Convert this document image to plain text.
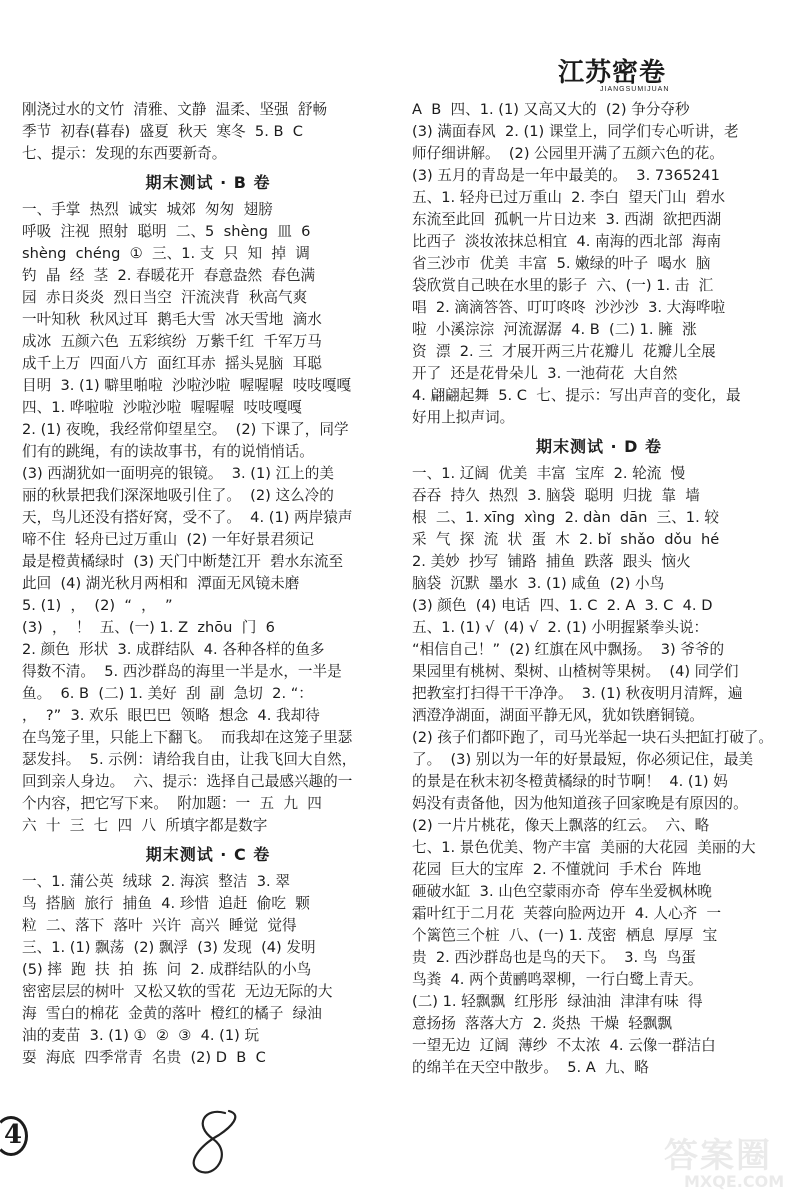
江苏密卷
JIANGSUMIJUAN

刚浇过水的文竹  清雅、文静  温柔、坚强  舒畅

季节  初春(暮春)  盛夏  秋天  寒冬  5. B  C

七、提示：发现的东西要新奇。

期末测试 · B 卷

一、手掌  热烈  诚实  城郊  匆匆  翅膀

呼吸  注视  照射  聪明  二、5  shèng  皿  6

shèng  chéng  ①  三、1. 支  只  知  掉  调

钓  晶  经  茎  2. 春暖花开  春意盎然  春色满

园  赤日炎炎  烈日当空  汗流浃背  秋高气爽

一叶知秋  秋风过耳  鹅毛大雪  冰天雪地  滴水

成冰  五颜六色  五彩缤纷  万紫千红  千军万马

成千上万  四面八方  面红耳赤  摇头晃脑  耳聪

目明  3. (1) 噼里啪啦  沙啦沙啦  喔喔喔  吱吱嘎嘎

四、1. 哗啦啦  沙啦沙啦  喔喔喔  吱吱嘎嘎

2. (1) 夜晚，我经常仰望星空。  (2) 下课了，同学

们有的跳绳，有的读故事书，有的说悄悄话。

(3) 西湖犹如一面明亮的银镜。  3. (1) 江上的美

丽的秋景把我们深深地吸引住了。  (2) 这么冷的

天，鸟儿还没有搭好窝，受不了。  4. (1) 两岸猿声

啼不住  轻舟已过万重山  (2) 一年好景君须记

最是橙黄橘绿时  (3) 天门中断楚江开  碧水东流至

此回  (4) 湖光秋月两相和  潭面无风镜未磨

5. (1)  ，  (2)  “  ，  ”

(3)  ，  ！  五、(一) 1. Z  zhōu  门  6

2. 颜色  形状  3. 成群结队  4. 各种各样的鱼多

得数不清。  5. 西沙群岛的海里一半是水，一半是

鱼。  6. B  (二) 1. 美好  刮  副  急切  2. “：

，  ?”  3. 欢乐  眼巴巴  领略  想念  4. 我却待

在鸟笼子里，只能上下翻飞。  而我却在这笼子里瑟

瑟发抖。  5. 示例：请给我自由，让我飞回大自然，

回到亲人身边。  六、提示：选择自己最感兴趣的一

个内容，把它写下来。  附加题：一  五  九  四

六  十  三  七  四  八  所填字都是数字

期末测试 · C 卷

一、1. 蒲公英  绒球  2. 海滨  整洁  3. 翠

鸟  搭脑  旅行  捕鱼  4. 珍惜  追赶  偷吃  颗

粒  二、落下  落叶  兴许  高兴  睡觉  觉得

三、1. (1) 飘荡  (2) 飘浮  (3) 发现  (4) 发明

(5) 摔  跑  扶  拍  拣  问  2. 成群结队的小鸟

密密层层的树叶  又松又软的雪花  无边无际的大

海  雪白的棉花  金黄的落叶  橙红的橘子  绿油

油的麦苗  3. (1) ①  ②  ③  4. (1) 玩

耍  海底  四季常青  名贵  (2) D  B  C

A  B  四、1. (1) 又高又大的  (2) 争分夺秒

(3) 满面春风  2. (1) 课堂上，同学们专心听讲，老

师仔细讲解。  (2) 公园里开满了五颜六色的花。

(3) 五月的青岛是一年中最美的。  3. 7365241

五、1. 轻舟已过万重山  2. 李白  望天门山  碧水

东流至此回  孤帆一片日边来  3. 西湖  欲把西湖

比西子  淡妆浓抹总相宜  4. 南海的西北部  海南

省三沙市  优美  丰富  5. 嫩绿的叶子  喝水  脑

袋欣赏自己映在水里的影子  六、(一) 1. 击  汇

唱  2. 滴滴答答、叮叮咚咚  沙沙沙  3. 大海哗啦

啦  小溪淙淙  河流潺潺  4. B  (二) 1. 臃  涨

资  漂  2. 三  才展开两三片花瓣儿  花瓣儿全展

开了  还是花骨朵儿  3. 一池荷花  大自然

4. 翩翩起舞  5. C  七、提示：写出声音的变化，最

好用上拟声词。

期末测试 · D 卷

一、1. 辽阔  优美  丰富  宝库  2. 轮流  慢

吞吞  持久  热烈  3. 脑袋  聪明  归拢  靠  墙

根  二、1. xīng  xìng  2. dàn  dān  三、1. 较

采  气  探  流  状  蛋  木  2. bǐ  shǎo  dǒu  hé

2. 美妙  抄写  铺路  捕鱼  跌落  跟头  恼火

脑袋  沉默  墨水  3. (1) 咸鱼  (2) 小鸟

(3) 颜色  (4) 电话  四、1. C  2. A  3. C  4. D

五、1. (1) √  (4) √  2. (1) 小明握紧拳头说：

“相信自己！”  (2) 红旗在风中飘扬。  3) 爷爷的

果园里有桃树、梨树、山楂树等果树。  (4) 同学们

把教室打扫得干干净净。  3. (1) 秋夜明月清辉，遍

洒澄净湖面，湖面平静无风，犹如铁磨铜镜。

(2) 孩子们都吓跑了，司马光举起一块石头把缸打破了。

了。  (3) 别以为一年的好景最短，你必须记住，最美

的景是在秋末初冬橙黄橘绿的时节啊！  4. (1) 妈

妈没有责备他，因为他知道孩子回家晚是有原因的。

(2) 一片片桃花，像天上飘落的红云。  六、略

七、1. 景色优美、物产丰富  美丽的大花园  美丽的大

花园  巨大的宝库  2. 不懂就问  手术台  阵地

砸破水缸  3. 山色空蒙雨亦奇  停车坐爱枫林晚

霜叶红于二月花  芙蓉向脸两边开  4. 人心齐  一

个篱笆三个桩  八、(一) 1. 茂密  栖息  厚厚  宝

贵  2. 西沙群岛也是鸟的天下。  3. 鸟  鸟蛋

鸟粪  4. 两个黄鹂鸣翠柳，一行白鹭上青天。

(二) 1. 轻飘飘  红彤彤  绿油油  津津有味  得

意扬扬  落落大方  2. 炎热  干燥  轻飘飘

一望无边  辽阔  薄纱  不太浓  4. 云像一群洁白

的绵羊在天空中散步。  5. A  九、略

4
8
答案圈
MXQE.COM
